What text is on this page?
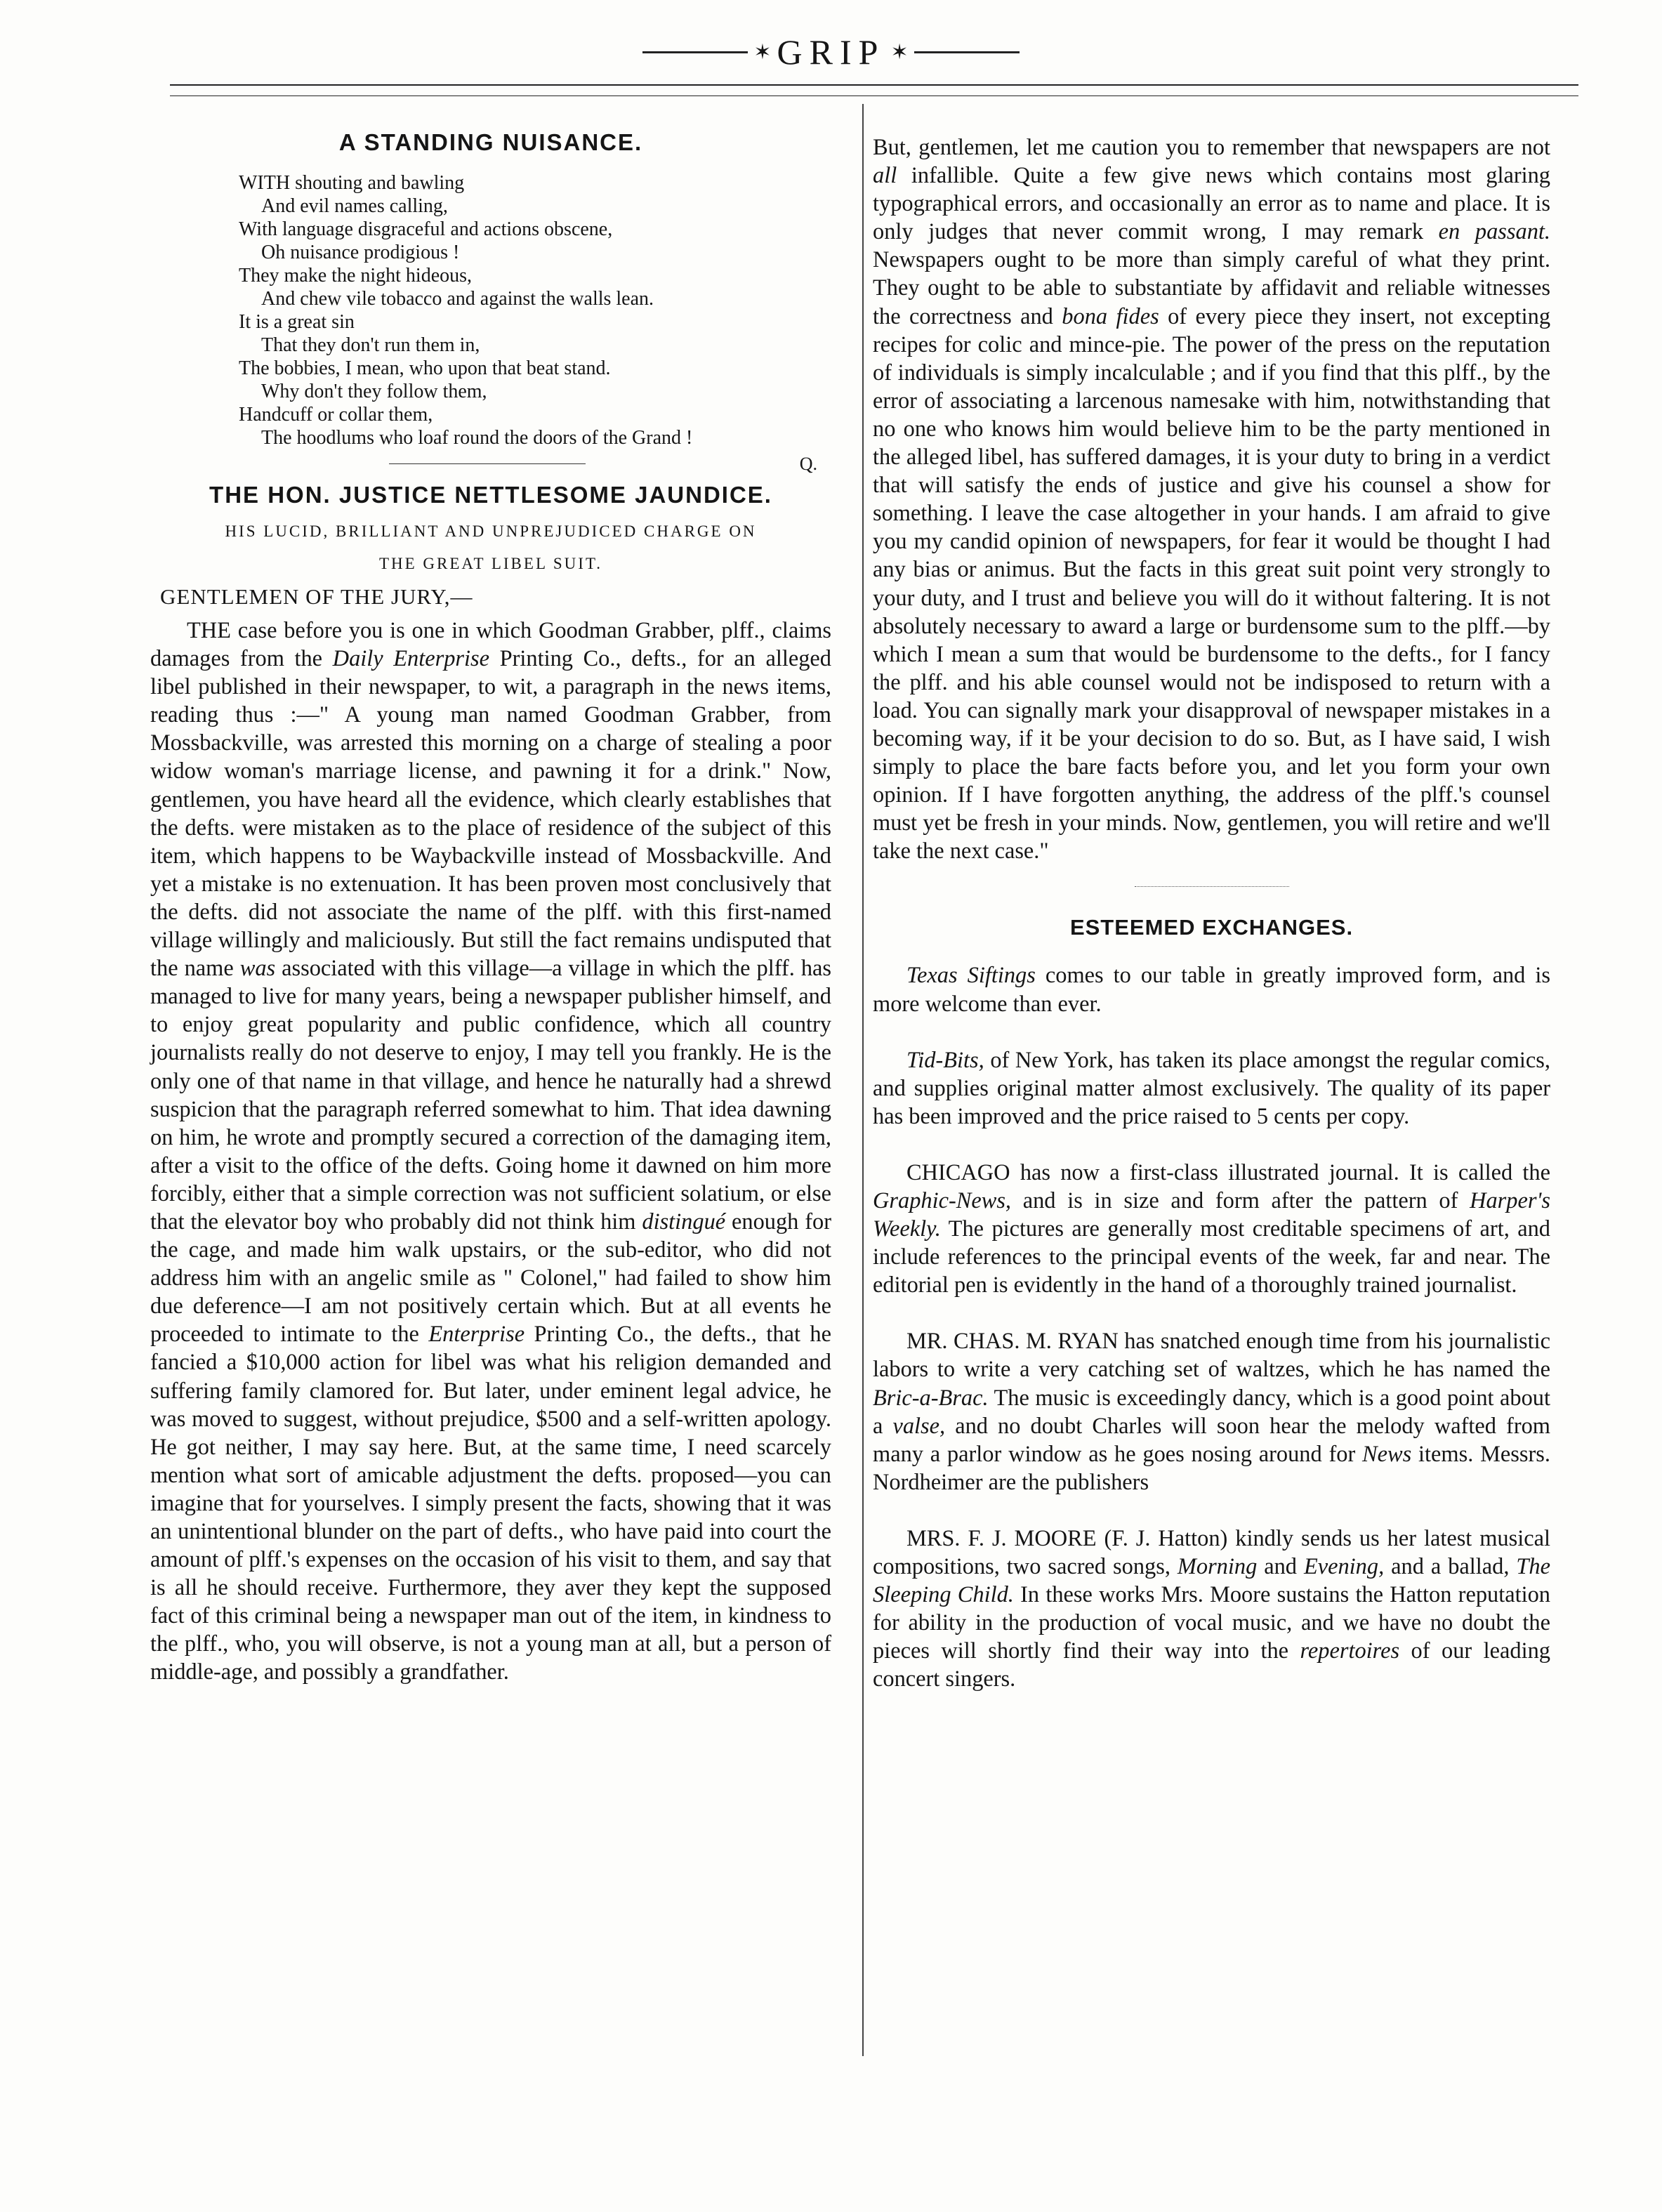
✶ GRIP ✶
A STANDING NUISANCE.
WITH shouting and bawling
And evil names calling,
With language disgraceful and actions obscene,
Oh nuisance prodigious !
They make the night hideous,
And chew vile tobacco and against the walls lean.
It is a great sin
That they don't run them in,
The bobbies, I mean, who upon that beat stand.
Why don't they follow them,
Handcuff or collar them,
The hoodlums who loaf round the doors of the Grand !
Q.
THE HON. JUSTICE NETTLESOME JAUNDICE.
HIS LUCID, BRILLIANT AND UNPREJUDICED CHARGE ON
THE GREAT LIBEL SUIT.
GENTLEMEN OF THE JURY,—

THE case before you is one in which Goodman Grabber, plff., claims damages from the Daily Enterprise Printing Co., defts., for an alleged libel published in their newspaper, to wit, a paragraph in the news items, reading thus :—" A young man named Goodman Grabber, from Mossbackville, was arrested this morning on a charge of stealing a poor widow woman's marriage license, and pawning it for a drink." Now, gentlemen, you have heard all the evidence, which clearly establishes that the defts. were mistaken as to the place of residence of the subject of this item, which happens to be Waybackville instead of Mossbackville. And yet a mistake is no extenuation. It has been proven most conclusively that the defts. did not associate the name of the plff. with this first-named village willingly and maliciously. But still the fact remains undisputed that the name was associated with this village—a village in which the plff. has managed to live for many years, being a newspaper publisher himself, and to enjoy great popularity and public confidence, which all country journalists really do not deserve to enjoy, I may tell you frankly. He is the only one of that name in that village, and hence he naturally had a shrewd suspicion that the paragraph referred somewhat to him. That idea dawning on him, he wrote and promptly secured a correction of the damaging item, after a visit to the office of the defts. Going home it dawned on him more forcibly, either that a simple correction was not sufficient solatium, or else that the elevator boy who probably did not think him distingué enough for the cage, and made him walk upstairs, or the sub-editor, who did not address him with an angelic smile as " Colonel," had failed to show him due deference—I am not positively certain which. But at all events he proceeded to intimate to the Enterprise Printing Co., the defts., that he fancied a $10,000 action for libel was what his religion demanded and suffering family clamored for. But later, under eminent legal advice, he was moved to suggest, without prejudice, $500 and a self-written apology. He got neither, I may say here. But, at the same time, I need scarcely mention what sort of amicable adjustment the defts. proposed—you can imagine that for yourselves. I simply present the facts, showing that it was an unintentional blunder on the part of defts., who have paid into court the amount of plff.'s expenses on the occasion of his visit to them, and say that is all he should receive. Furthermore, they aver they kept the supposed fact of this criminal being a newspaper man out of the item, in kindness to the plff., who, you will observe, is not a young man at all, but a person of middle-age, and possibly a grandfather.

But, gentlemen, let me caution you to remember that newspapers are not all infallible. Quite a few give news which contains most glaring typographical errors, and occasionally an error as to name and place. It is only judges that never commit wrong, I may remark en passant. Newspapers ought to be more than simply careful of what they print. They ought to be able to substantiate by affidavit and reliable witnesses the correctness and bona fides of every piece they insert, not excepting recipes for colic and mince-pie. The power of the press on the reputation of individuals is simply incalculable ; and if you find that this plff., by the error of associating a larcenous namesake with him, notwithstanding that no one who knows him would believe him to be the party mentioned in the alleged libel, has suffered damages, it is your duty to bring in a verdict that will satisfy the ends of justice and give his counsel a show for something. I leave the case altogether in your hands. I am afraid to give you my candid opinion of newspapers, for fear it would be thought I had any bias or animus. But the facts in this great suit point very strongly to your duty, and I trust and believe you will do it without faltering. It is not absolutely necessary to award a large or burdensome sum to the plff.—by which I mean a sum that would be burdensome to the defts., for I fancy the plff. and his able counsel would not be indisposed to return with a load. You can signally mark your disapproval of newspaper mistakes in a becoming way, if it be your decision to do so. But, as I have said, I wish simply to place the bare facts before you, and let you form your own opinion. If I have forgotten anything, the address of the plff.'s counsel must yet be fresh in your minds. Now, gentlemen, you will retire and we'll take the next case."

ESTEEMED EXCHANGES.

Texas Siftings comes to our table in greatly improved form, and is more welcome than ever.

Tid-Bits, of New York, has taken its place amongst the regular comics, and supplies original matter almost exclusively. The quality of its paper has been improved and the price raised to 5 cents per copy.

CHICAGO has now a first-class illustrated journal. It is called the Graphic-News, and is in size and form after the pattern of Harper's Weekly. The pictures are generally most creditable specimens of art, and include references to the principal events of the week, far and near. The editorial pen is evidently in the hand of a thoroughly trained journalist.

MR. CHAS. M. RYAN has snatched enough time from his journalistic labors to write a very catching set of waltzes, which he has named the Bric-a-Brac. The music is exceedingly dancy, which is a good point about a valse, and no doubt Charles will soon hear the melody wafted from many a parlor window as he goes nosing around for News items. Messrs. Nordheimer are the publishers

MRS. F. J. MOORE (F. J. Hatton) kindly sends us her latest musical compositions, two sacred songs, Morning and Evening, and a ballad, The Sleeping Child. In these works Mrs. Moore sustains the Hatton reputation for ability in the production of vocal music, and we have no doubt the pieces will shortly find their way into the repertoires of our leading concert singers.
